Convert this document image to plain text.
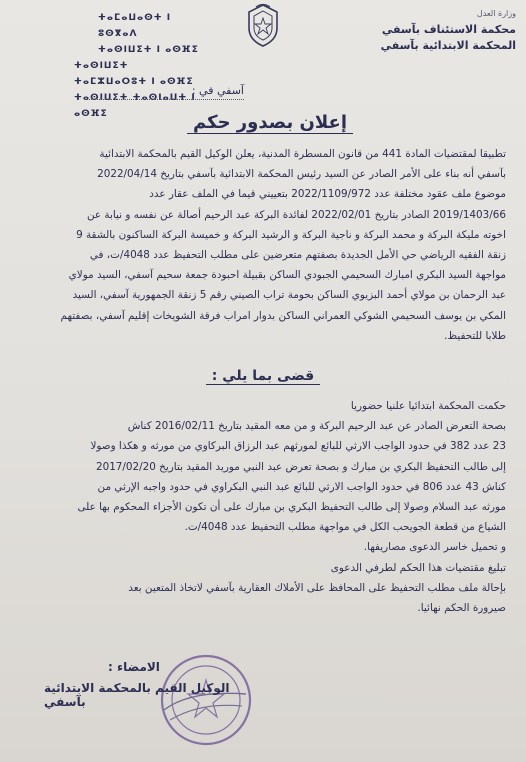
وزارة العدل
محكمة الاستئناف بآسفي
المحكمة الابتدائية بآسفي
ⵜⴰⵎⴰⵡⴰⵙⵜ ⵏ ⵓⵙⴳⴰⴷ
ⵜⴰⵙⵏⵡⵉⵜ ⵏ ⴰⵙⴼⵉ
ⵜⴰⵙⵏⵡⵉⵜ ⵜⴰⵎⵣⵡⴰⵔⵓⵜ ⵏ ⴰⵙⴼⵉ
ⵜⴰⵙⵏⵡⵉⵜ ⵜⴰⵙⵏⴰⵡⵜ ⵏ ⴰⵙⴼⵉ
آسفي في :
إعلان بصدور حكم
تطبيقا لمقتضيات المادة 441 من قانون المسطرة المدنية، يعلن الوكيل القيم بالمحكمة الابتدائية
بآسفي أنه بناء على الأمر الصادر عن السيد رئيس المحكمة الابتدائية بآسفي بتاريخ 2022/04/14
موضوع ملف عقود مختلفة عدد 2022/1109/972 بتعييني قيما في الملف عقار عدد
2019/1403/66 الصادر بتاريخ 2022/02/01 لفائدة البركة عبد الرحيم أصالة عن نفسه و نيابة عن
اخوته مليكة البركة و محمد البركة و ناجية البركة و الرشيد البركة و خميسة البركة الساكنون بالشقة 9
زنقة الفقيه الرياضي حي الأمل الجديدة بصفتهم متعرضين على مطلب التحفيظ عدد 4048/ت، في
مواجهة السيد البكري امبارك السحيمي الجبودي الساكن بقبيلة احبودة جمعة سحيم آسفي، السيد مولاي
عبد الرحمان بن مولاي أحمد البزيوي الساكن بحومة تراب الصيني رقم 5 زنقة الجمهورية آسفي، السيد
المكي بن يوسف السحيمي الشوكي العمراني الساكن بدوار امراب فرقة الشويخات إقليم آسفي، بصفتهم
طلابا للتحفيظ.
قضى بما يلي :
حكمت المحكمة ابتدائيا علنيا حضوريا
بصحة التعرض الصادر عن عبد الرحيم البركة و من معه المقيد بتاريخ 2016/02/11 كناش
23 عدد 382 في حدود الواجب الارثي للبائع لمورثهم عبد الرزاق البركاوي من مورثه و هكذا وصولا
إلى طالب التحفيظ البكري بن مبارك و بصحة تعرض عبد النبي موريد المقيد بتاريخ 2017/02/20
كناش 43 عدد 806 في حدود الواجب الارثي للبائع عبد النبي البكراوي في حدود واجبه الإرثي من
مورثه عبد السلام وصولا إلى طالب التحفيظ البكري بن مبارك على أن تكون الأجزاء المحكوم بها على
الشياع من قطعة الجويحب الكل في مواجهة مطلب التحفيظ عدد 4048/ت.
و تحميل خاسر الدعوى مصاريفها.
تبليغ مقتضيات هذا الحكم لطرفي الدعوى
بإحالة ملف مطلب التحفيظ على المحافظ على الأملاك العقارية بآسفي لاتخاذ المتعين بعد
صيرورة الحكم نهائيا.
الامضاء :
الوكيل القيم بالمحكمة الابتدائية بآسفي
